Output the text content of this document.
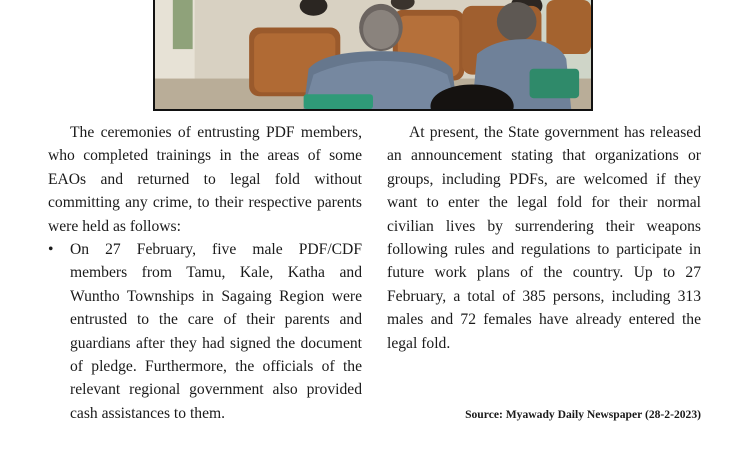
The ceremonies of entrusting PDF members, who completed trainings in the areas of some EAOs and returned to legal fold without committing any crime, to their respective parents were held as follows:

• On 27 February, five male PDF/CDF members from Tamu, Kale, Katha and Wuntho Townships in Sagaing Region were entrusted to the care of their parents and guardians after they had signed the document of pledge. Furthermore, the officials of the relevant regional government also provided cash assistances to them.

At present, the State government has released an announcement stating that organizations or groups, including PDFs, are welcomed if they want to enter the legal fold for their normal civilian lives by surrendering their weapons following rules and regulations to participate in future work plans of the country. Up to 27 February, a total of 385 persons, including 313 males and 72 females have already entered the legal fold.

Source: Myawady Daily Newspaper (28-2-2023)
